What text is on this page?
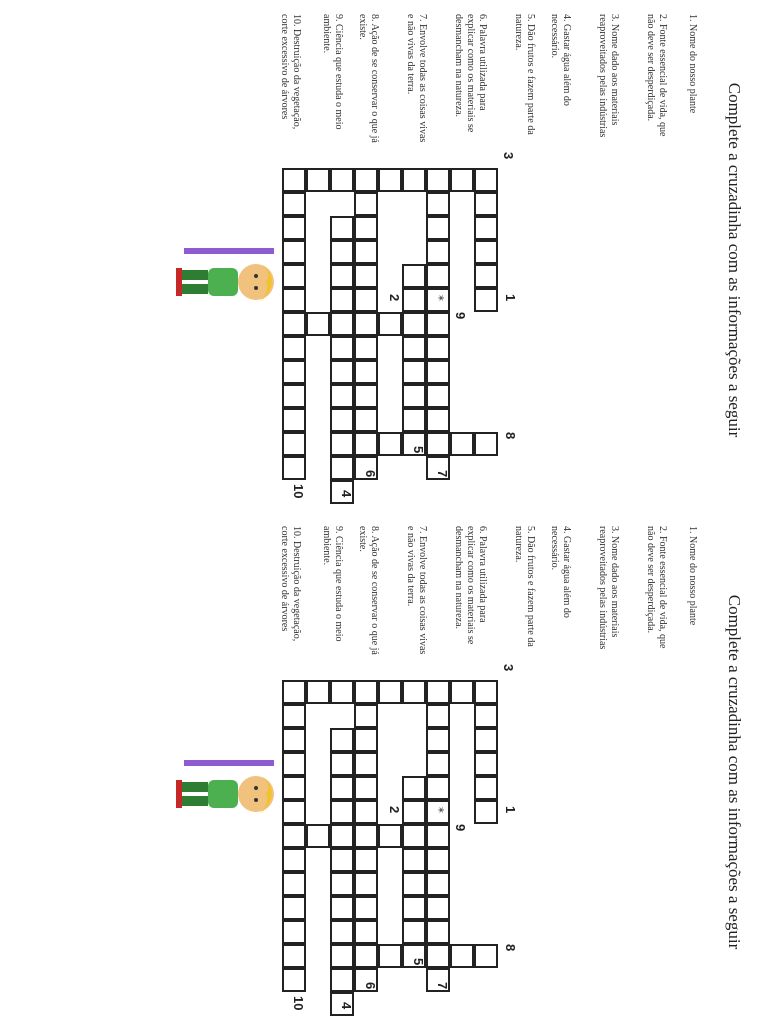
Complete a cruzadinha com as informações a seguir
1. Nome do nosso plante
2. Fonte essencial de vida, que não deve ser desperdiçada.
3. Nome dado aos materiais reaproveitados pelas indústrias
4. Gastar água além do necessário.
5. Dão frutos e fazem parte da natureza.
6. Palavra utilizada para explicar como os materiais se desmancham na natureza.
7. Envolve todas as coisas vivas e não vivas da terra.
8. Ação de se conservar o que já existe.
9. Ciência que estuda o meio ambiente.
10. Destruição da vegetação, corte excessivo de árvores
1
2
3
4
5
6	7
8
9
10
*
Complete a cruzadinha com as informações a seguir
1. Nome do nosso plante
2. Fonte essencial de vida, que não deve ser desperdiçada.
3. Nome dado aos materiais reaproveitados pelas indústrias
4. Gastar água além do necessário.
5. Dão frutos e fazem parte da natureza.
6. Palavra utilizada para explicar como os materiais se desmancham na natureza.
7. Envolve todas as coisas vivas e não vivas da terra.
8. Ação de se conservar o que já existe.
9. Ciência que estuda o meio ambiente.
10. Destruição da vegetação, corte excessivo de árvores
1
2
3
4
5
6	7
8
9
10
*
